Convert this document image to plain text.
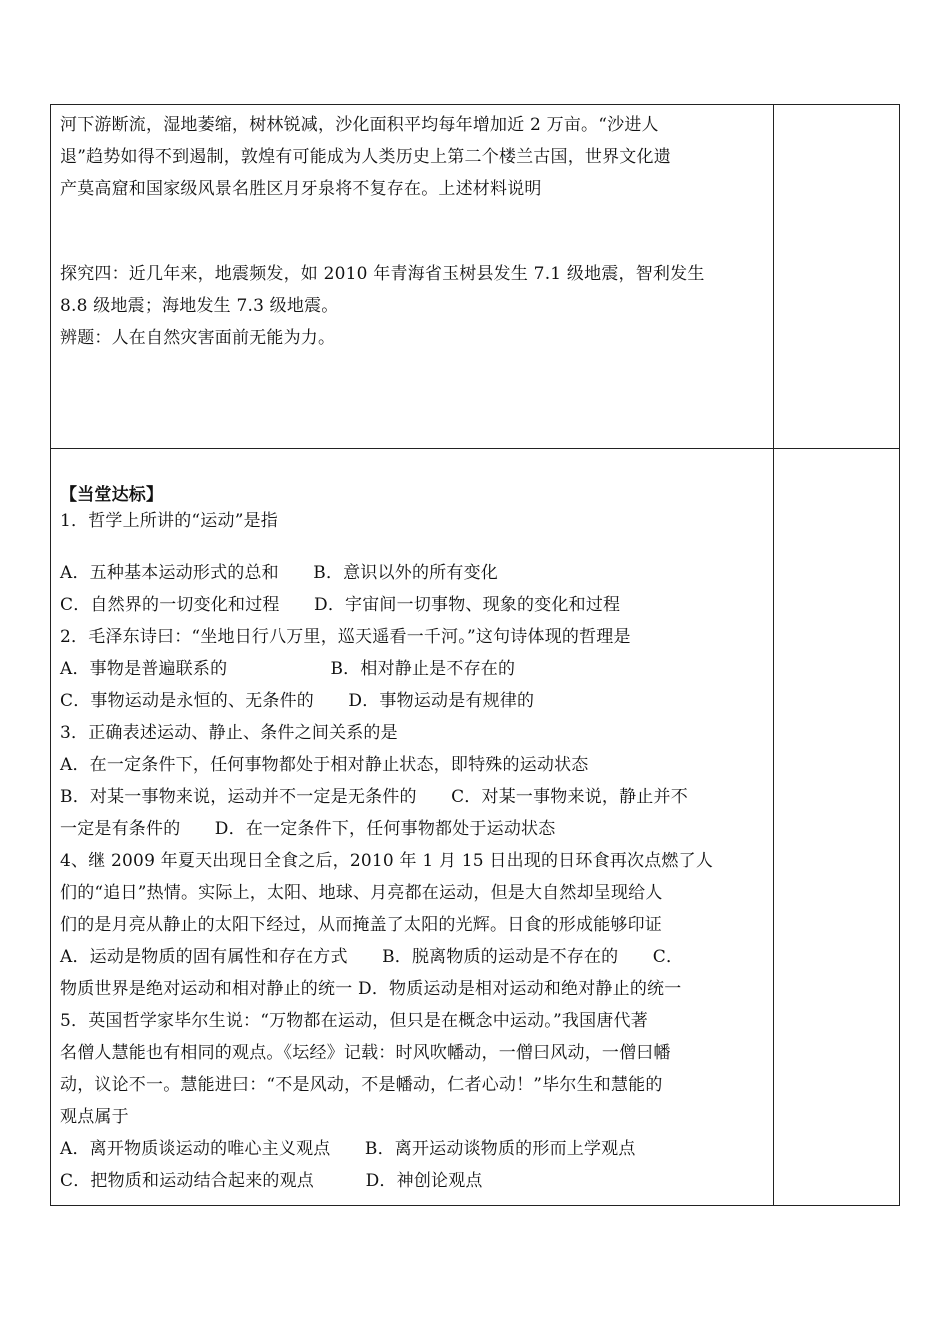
河下游断流，湿地萎缩，树林锐减，沙化面积平均每年增加近 2 万亩。“沙进人
退”趋势如得不到遏制，敦煌有可能成为人类历史上第二个楼兰古国，世界文化遗
产莫高窟和国家级风景名胜区月牙泉将不复存在。上述材料说明
探究四：近几年来，地震频发，如 2010 年青海省玉树县发生 7.1 级地震，智利发生
8.8 级地震；海地发生 7.3 级地震。
辨题：人在自然灾害面前无能为力。
【当堂达标】
1．哲学上所讲的“运动”是指
A．五种基本运动形式的总和　　B．意识以外的所有变化
C．自然界的一切变化和过程　　D．宇宙间一切事物、现象的变化和过程
2．毛泽东诗曰：“坐地日行八万里，巡天遥看一千河。”这句诗体现的哲理是
A．事物是普遍联系的　　　　　　B．相对静止是不存在的
C．事物运动是永恒的、无条件的　　D．事物运动是有规律的
3．正确表述运动、静止、条件之间关系的是
A．在一定条件下，任何事物都处于相对静止状态，即特殊的运动状态
B．对某一事物来说，运动并不一定是无条件的　　C．对某一事物来说，静止并不
一定是有条件的　　D．在一定条件下，任何事物都处于运动状态
4、继 2009 年夏天出现日全食之后，2010 年 1 月 15 日出现的日环食再次点燃了人
们的“追日”热情。实际上，太阳、地球、月亮都在运动，但是大自然却呈现给人
们的是月亮从静止的太阳下经过，从而掩盖了太阳的光辉。日食的形成能够印证
A．运动是物质的固有属性和存在方式　　B．脱离物质的运动是不存在的　　C．
物质世界是绝对运动和相对静止的统一 D．物质运动是相对运动和绝对静止的统一
5．英国哲学家毕尔生说：“万物都在运动，但只是在概念中运动。”我国唐代著
名僧人慧能也有相同的观点。《坛经》记载：时风吹幡动，一僧曰风动，一僧曰幡
动，议论不一。慧能进曰：“不是风动，不是幡动，仁者心动！”毕尔生和慧能的
观点属于
A．离开物质谈运动的唯心主义观点　　B．离开运动谈物质的形而上学观点
C．把物质和运动结合起来的观点　　　D．神创论观点
